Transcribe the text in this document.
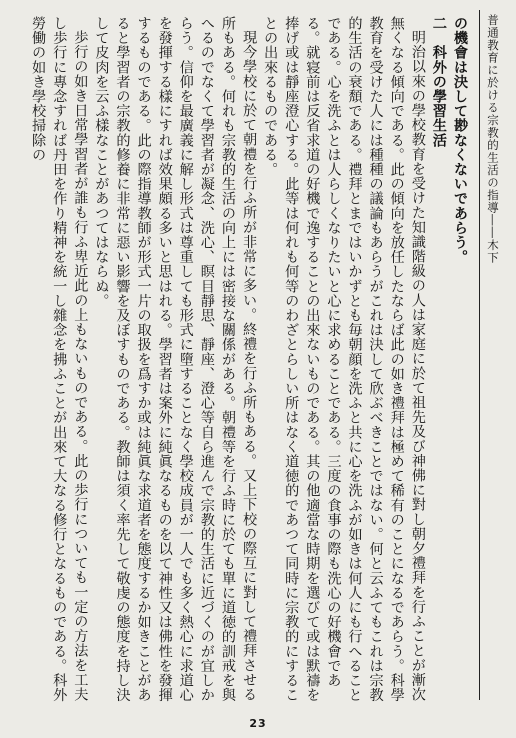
普通教育に於ける宗教的生活の指導――木下

の機會は決して尠なくないであらう。

二　科外の學習生活

明治以來の學校教育を受けた知識階級の人は家庭に於て祖先及び神佛に對し朝夕禮拜を行ふことが漸次無くなる傾向である。此の傾向を放任したならば此の如き禮拜は極めて稀有のことになるであらう。科學教育を受けた人には種種の議論もあらうがこれは決して欣ぶべきことではない。何と云ふてもこれは宗教的生活の衰頽である。禮拜とまではいかずとも毎朝顔を洗ふと共に心を洗ふが如きは何人にも行へることである。心を洗ふとは人らしくなりたいと心に求めることである。三度の食事の際も洗心の好機會である。就寝前は反省求道の好機で逸することの出來ないものである。其の他適當な時期を選びて或は默禱を捧げ或は靜座澄心する。此等は何れも何等のわざとらしい所はなく道徳的であつて同時に宗教的にすることの出來るものである。

現今學校に於て朝禮を行ふ所が非常に多い。終禮を行ふ所もある。又上下校の際互に對して禮拜させる所もある。何れも宗教的生活の向上には密接な關係がある。朝禮等を行ふ時に於ても單に道徳的訓戒を與へるのでなくて學習者が凝念、洗心、瞑目靜思、靜座、澄心等自ら進んで宗教的生活に近づくのが宜しからう。信仰を最廣義に解し形式は尊重しても形式に墮することなく學校成員が一人でも多く熱心に求道心を發揮する樣にすれば效果頗る多いと思はれる。學習者は案外に純眞なるものを以て神性又は佛性を發揮するものである。此の際指導教師が形式一片の取扱を爲すか或は純眞な求道者を態度するか如きことがあると學習者の宗教的修養に非常に惡い影響を及ぼすものである。教師は須く率先して敬虔の態度を持し決して皮肉を云ふ樣なことがあつてはならぬ。

歩行の如き日常學習者が誰も行ふ卑近此の上もないものである。此の歩行についても一定の方法を工夫し歩行に專念すれば丹田を作り精神を統一し雜念を拂ふことが出來て大なる修行となるものである。科外勞働の如き學校掃除の

23
